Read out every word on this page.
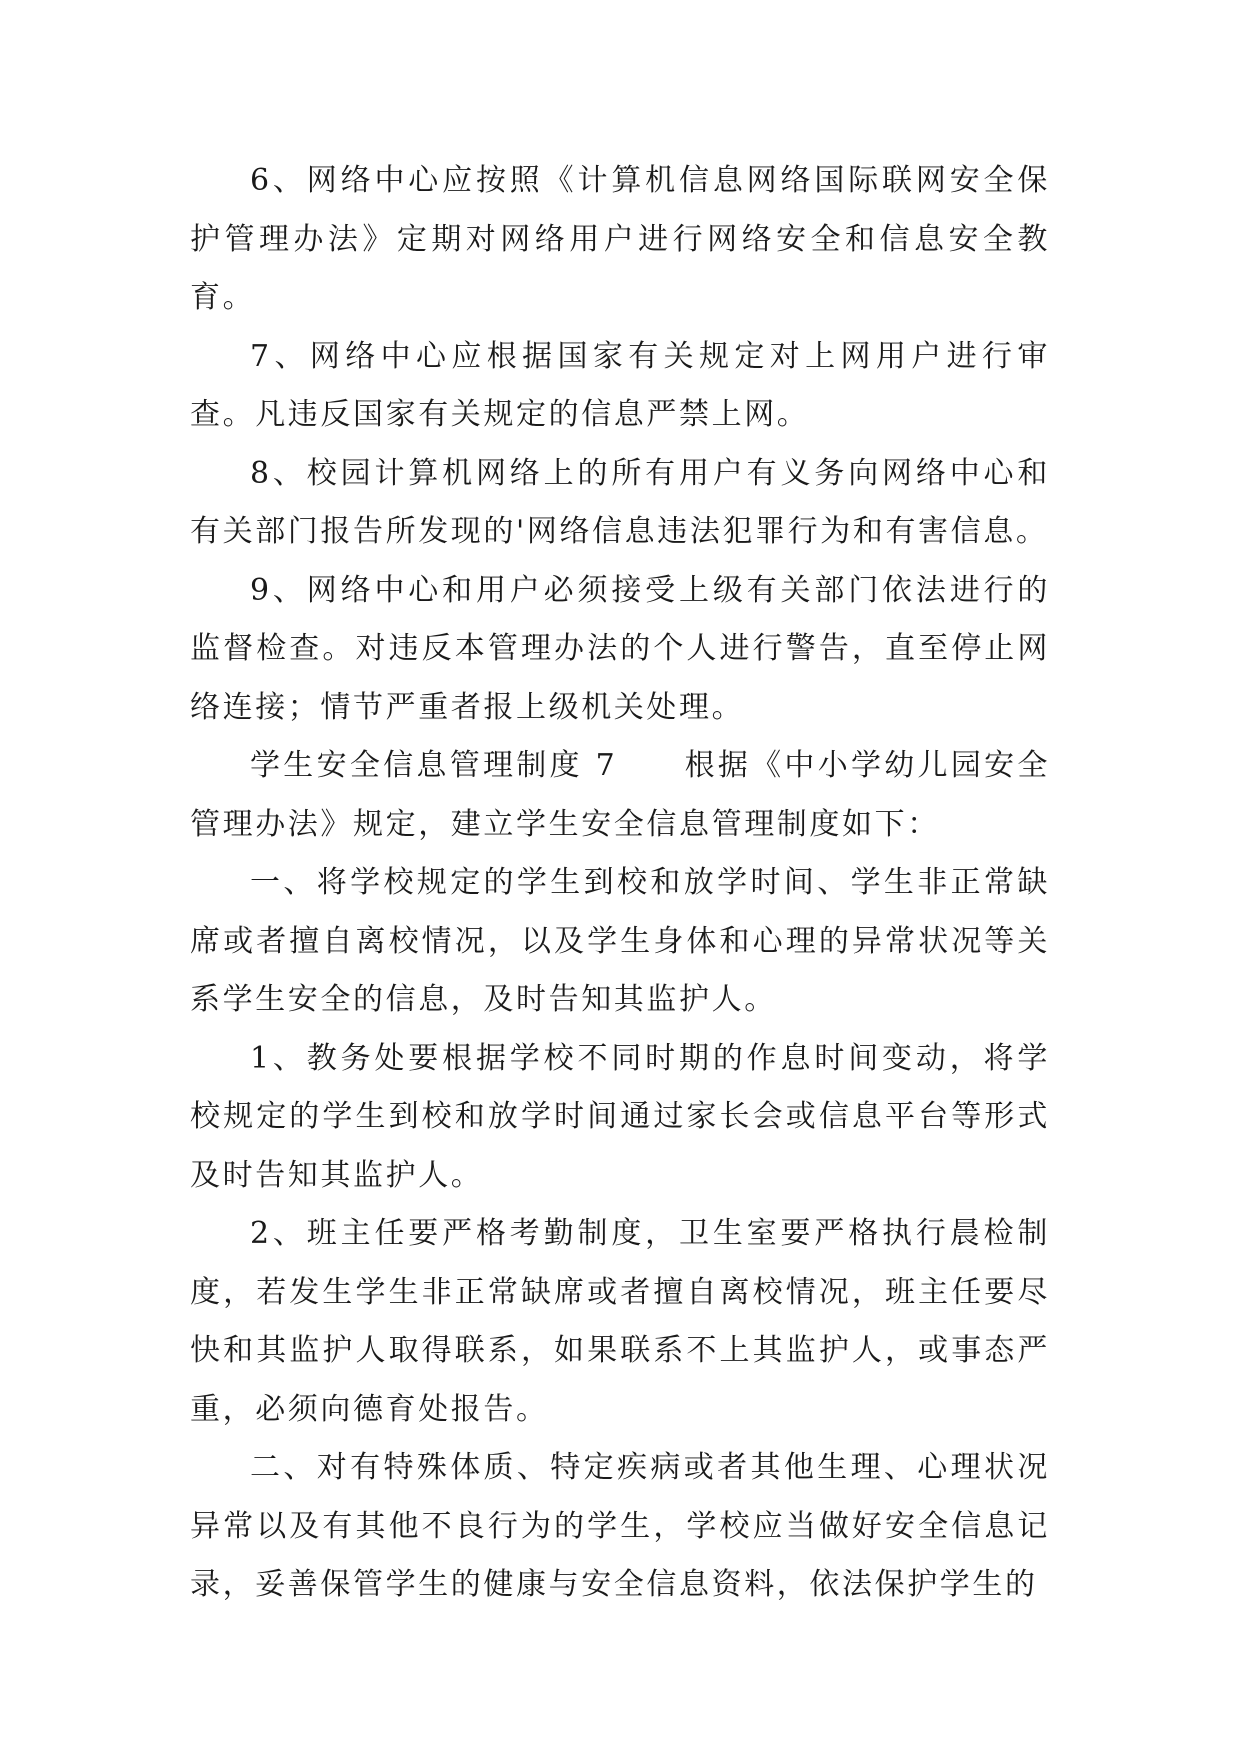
6、网络中心应按照《计算机信息网络国际联网安全保护管理办法》定期对网络用户进行网络安全和信息安全教育。

7、网络中心应根据国家有关规定对上网用户进行审查。凡违反国家有关规定的信息严禁上网。

8、校园计算机网络上的所有用户有义务向网络中心和有关部门报告所发现的'网络信息违法犯罪行为和有害信息。

9、网络中心和用户必须接受上级有关部门依法进行的监督检查。对违反本管理办法的个人进行警告，直至停止网络连接；情节严重者报上级机关处理。

学生安全信息管理制度 7　　根据《中小学幼儿园安全管理办法》规定，建立学生安全信息管理制度如下：

一、将学校规定的学生到校和放学时间、学生非正常缺席或者擅自离校情况，以及学生身体和心理的异常状况等关系学生安全的信息，及时告知其监护人。

1、教务处要根据学校不同时期的作息时间变动，将学校规定的学生到校和放学时间通过家长会或信息平台等形式及时告知其监护人。

2、班主任要严格考勤制度，卫生室要严格执行晨检制度，若发生学生非正常缺席或者擅自离校情况，班主任要尽快和其监护人取得联系，如果联系不上其监护人，或事态严重，必须向德育处报告。

二、对有特殊体质、特定疾病或者其他生理、心理状况异常以及有其他不良行为的学生，学校应当做好安全信息记录，妥善保管学生的健康与安全信息资料，依法保护学生的
